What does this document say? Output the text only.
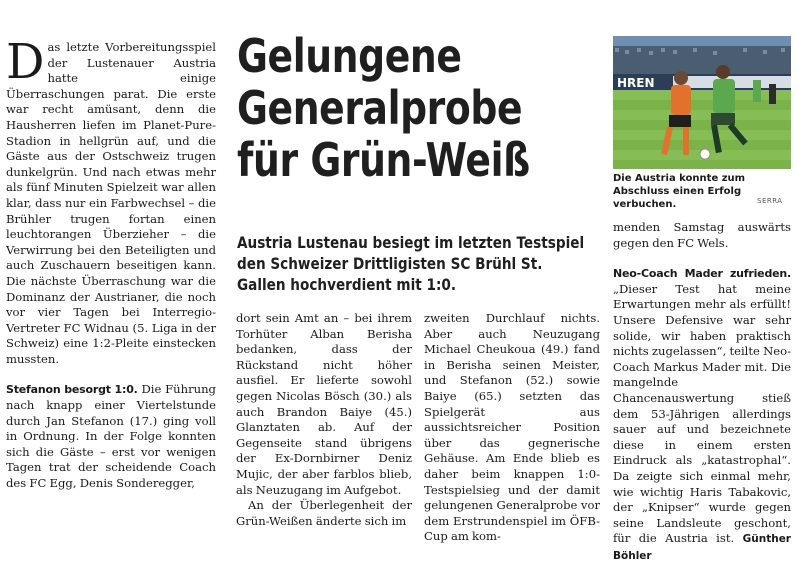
Das letzte Vorbereitungsspiel der Lustenauer Austria hatte einige Überraschungen parat. Die erste war recht amüsant, denn die Hausherren liefen im Planet-Pure-Stadion in hellgrün auf, und die Gäste aus der Ostschweiz trugen dunkelgrün. Und nach etwas mehr als fünf Minuten Spielzeit war allen klar, dass nur ein Farbwechsel – die Brühler trugen fortan einen leuchtorangen Überzieher – die Verwirrung bei den Beteiligten und auch Zuschauern beseitigen kann. Die nächste Überraschung war die Dominanz der Austrianer, die noch vor vier Tagen bei Interregio-Vertreter FC Widnau (5. Liga in der Schweiz) eine 1:2-Pleite einstecken mussten.

Stefanon besorgt 1:0. Die Führung nach knapp einer Viertelstunde durch Jan Stefanon (17.) ging voll in Ordnung. In der Folge konnten sich die Gäste – erst vor wenigen Tagen trat der scheidende Coach des FC Egg, Denis Sonderegger,

Gelungene
Generalprobe
für Grün-Weiß

Austria Lustenau besiegt im letzten Testspiel den Schweizer Drittligisten SC Brühl St. Gallen hochverdient mit 1:0.

dort sein Amt an – bei ihrem Torhüter Alban Berisha bedanken, dass der Rückstand nicht höher ausfiel. Er lieferte sowohl gegen Nicolas Bösch (30.) als auch Brandon Baiye (45.) Glanztaten ab. Auf der Gegenseite stand übrigens der Ex-Dornbirner Deniz Mujic, der aber farblos blieb, als Neuzugang im Aufgebot.

An der Überlegenheit der Grün-Weißen änderte sich im

zweiten Durchlauf nichts. Aber auch Neuzugang Michael Cheukoua (49.) fand in Berisha seinen Meister, und Stefanon (52.) sowie Baiye (65.) setzten das Spielgerät aus aussichtsreicher Position über das gegnerische Gehäuse. Am Ende blieb es daher beim knappen 1:0-Testspielsieg und der damit gelungenen Generalprobe vor dem Erstrundenspiel im ÖFB-Cup am kom-

HREN
Die Austria konnte zum Abschluss einen Erfolg verbuchen.	SERRA

menden Samstag auswärts gegen den FC Wels.

Neo-Coach Mader zufrieden. „Dieser Test hat meine Erwartungen mehr als erfüllt! Unsere Defensive war sehr solide, wir haben praktisch nichts zugelassen“, teilte Neo-Coach Markus Mader mit. Die mangelnde Chancenauswertung stieß dem 53-Jährigen allerdings sauer auf und bezeichnete diese in einem ersten Eindruck als „katastrophal“. Da zeigte sich einmal mehr, wie wichtig Haris Tabakovic, der „Knipser“ wurde gegen seine Landsleute geschont, für die Austria ist. Günther Böhler
